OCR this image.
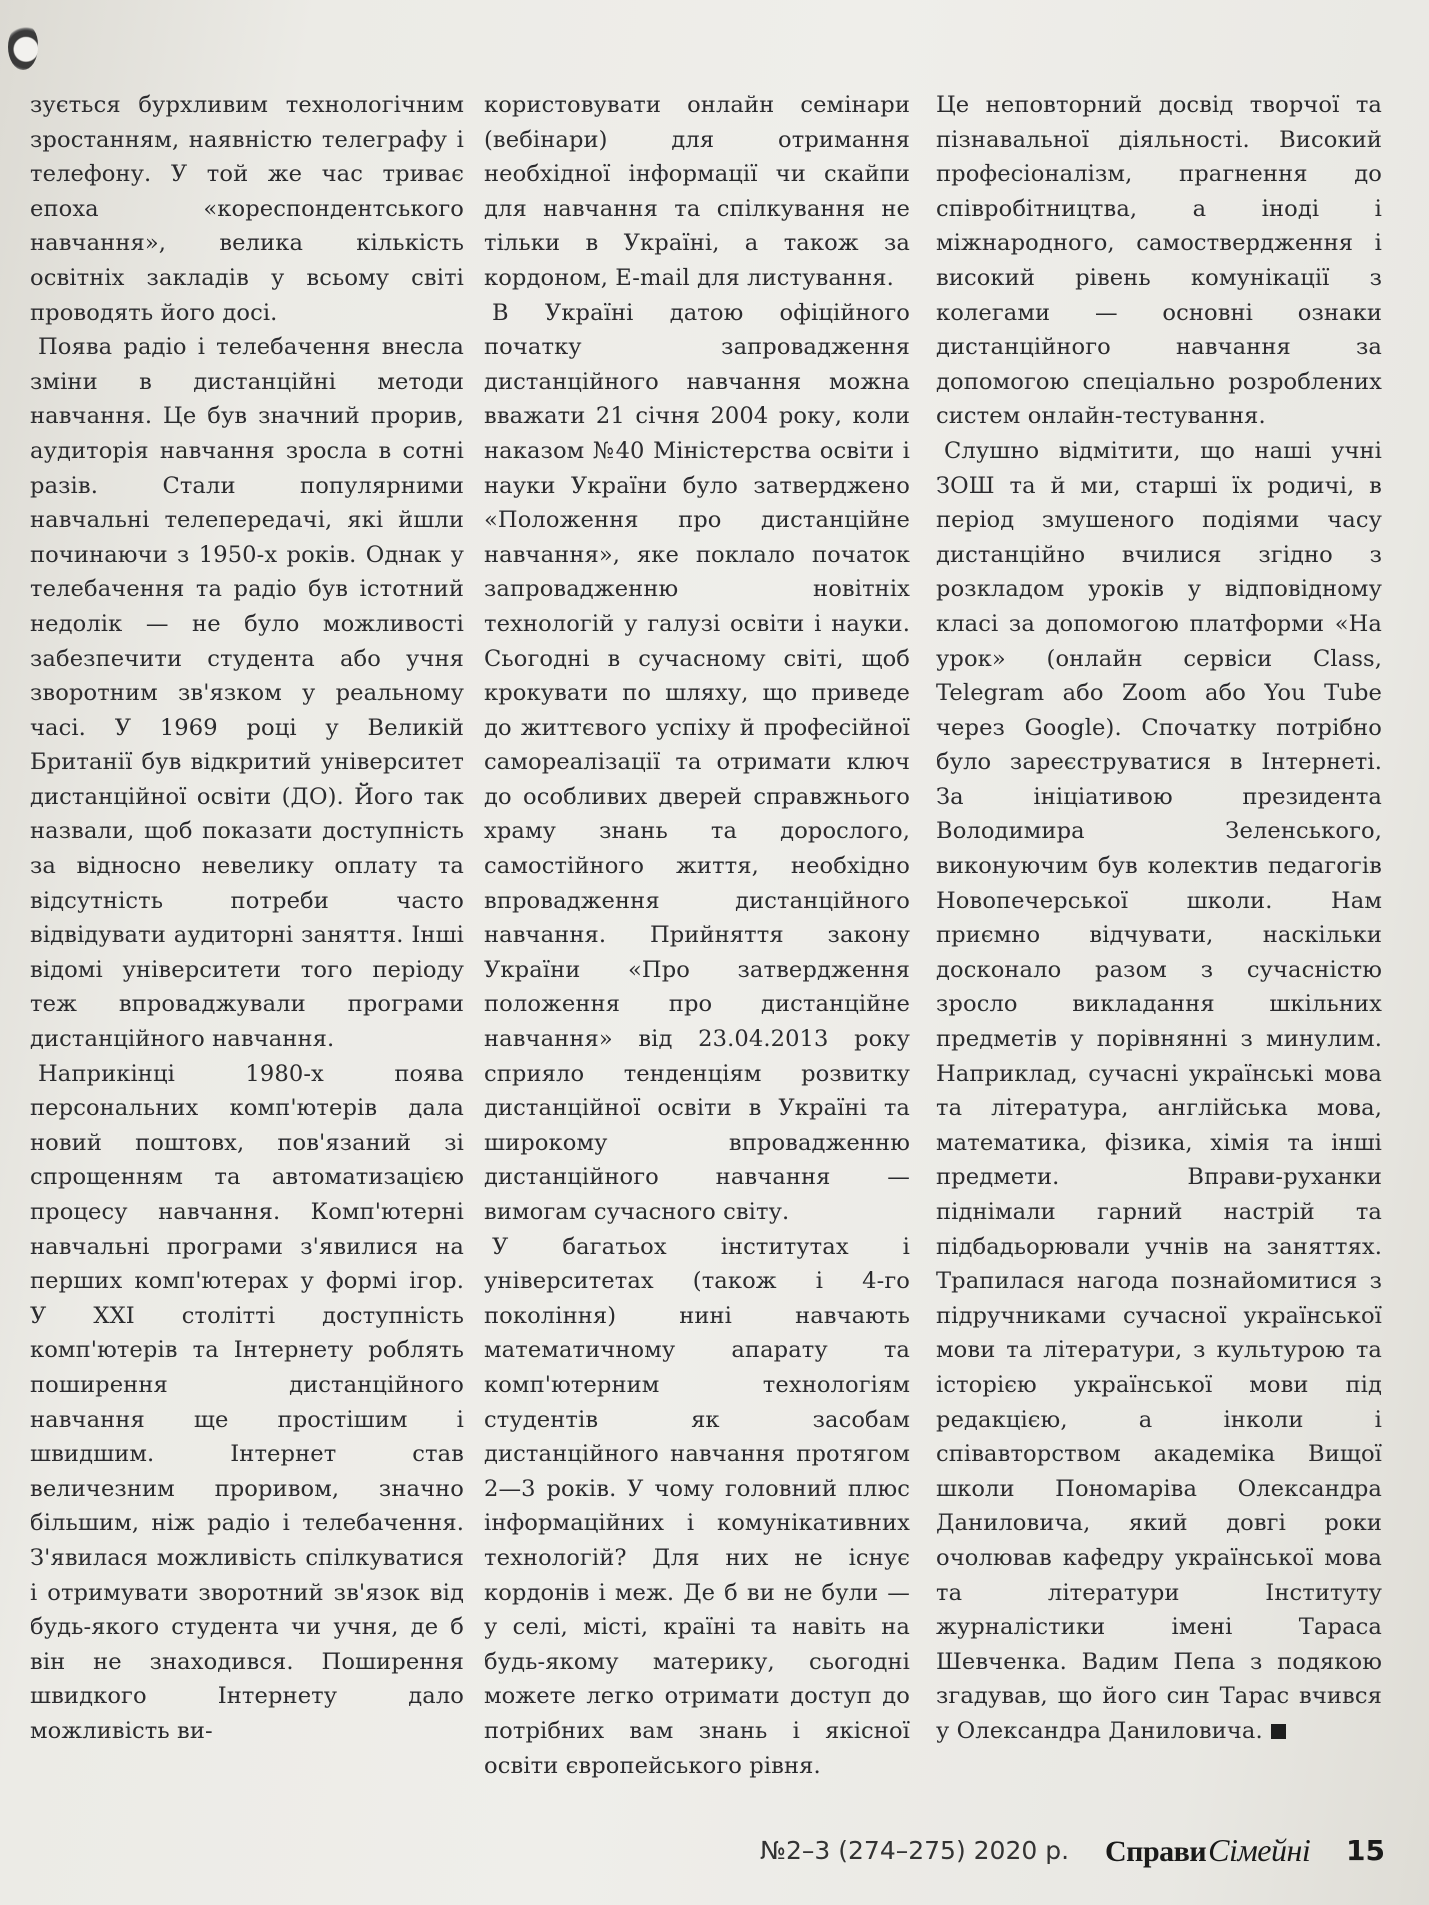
зується бурхливим технологічним зростанням, наявністю телеграфу і телефону. У той же час триває епоха «кореспондентського навчання», велика кількість освітніх закладів у всьому світі проводять його досі.

Поява радіо і телебачення внесла зміни в дистанційні методи навчання. Це був значний прорив, аудиторія навчання зросла в сотні разів. Стали популярними навчальні телепередачі, які йшли починаючи з 1950-х років. Однак у телебачення та радіо був істотний недолік — не було можливості забезпечити студента або учня зворотним зв'язком у реальному часі. У 1969 році у Великій Британії був відкритий університет дистанційної освіти (ДО). Його так назвали, щоб показати доступність за відносно невелику оплату та відсутність потреби часто відвідувати аудиторні заняття. Інші відомі університети того періоду теж впроваджували програми дистанційного навчання.

Наприкінці 1980-х поява персональних комп'ютерів дала новий поштовх, пов'язаний зі спрощенням та автоматизацією процесу навчання. Комп'ютерні навчальні програми з'явилися на перших комп'ютерах у формі ігор. У XXI столітті доступність комп'ютерів та Інтернету роблять поширення дистанційного навчання ще простішим і швидшим. Інтернет став величезним проривом, значно більшим, ніж радіо і телебачення. З'явилася можливість спілкуватися і отримувати зворотний зв'язок від будь-якого студента чи учня, де б він не знаходився. Поширення швидкого Інтернету дало можливість ви-

користовувати онлайн семінари (вебінари) для отримання необхідної інформації чи скайпи для навчання та спілкування не тільки в Україні, а також за кордоном, E-mail для листування.

В Україні датою офіційного початку запровадження дистанційного навчання можна вважати 21 січня 2004 року, коли наказом №40 Міністерства освіти і науки України було затверджено «Положення про дистанційне навчання», яке поклало початок запровадженню новітніх технологій у галузі освіти і науки. Сьогодні в сучасному світі, щоб крокувати по шляху, що приведе до життєвого успіху й професійної самореалізації та отримати ключ до особливих дверей справжнього храму знань та дорослого, самостійного життя, необхідно впровадження дистанційного навчання. Прийняття закону України «Про затвердження положення про дистанційне навчання» від 23.04.2013 року сприяло тенденціям розвитку дистанційної освіти в Україні та широкому впровадженню дистанційного навчання — вимогам сучасного світу.

У багатьох інститутах і університетах (також і 4-го покоління) нині навчають математичному апарату та комп'ютерним технологіям студентів як засобам дистанційного навчання протягом 2—3 років. У чому головний плюс інформаційних і комунікативних технологій? Для них не існує кордонів і меж. Де б ви не були — у селі, місті, країні та навіть на будь-якому материку, сьогодні можете легко отримати доступ до потрібних вам знань і якісної освіти європейського рівня.

Це неповторний досвід творчої та пізнавальної діяльності. Високий професіоналізм, прагнення до співробітництва, а іноді і міжнародного, самоствердження і високий рівень комунікації з колегами — основні ознаки дистанційного навчання за допомогою спеціально розроблених систем онлайн-тестування.

Слушно відмітити, що наші учні ЗОШ та й ми, старші їх родичі, в період змушеного подіями часу дистанційно вчилися згідно з розкладом уроків у відповідному класі за допомогою платформи «На урок» (онлайн сервіси Class, Telegram або Zoom або You Tube через Google). Спочатку потрібно було зареєструватися в Інтернеті. За ініціативою президента Володимира Зеленського, виконуючим був колектив педагогів Новопечерської школи. Нам приємно відчувати, наскільки досконало разом з сучасністю зросло викладання шкільних предметів у порівнянні з минулим. Наприклад, сучасні українські мова та література, англійська мова, математика, фізика, хімія та інші предмети. Вправи-руханки піднімали гарний настрій та підбадьорювали учнів на заняттях. Трапилася нагода познайомитися з підручниками сучасної української мови та літератури, з культурою та історією української мови під редакцією, а інколи і співавторством академіка Вищої школи Пономаріва Олександра Даниловича, який довгі роки очолював кафедру української мова та літератури Інституту журналістики імені Тараса Шевченка. Вадим Пепа з подякою згадував, що його син Тарас вчився у Олександра Даниловича.

№2–3 (274–275) 2020 р. СправиСімейні 15
